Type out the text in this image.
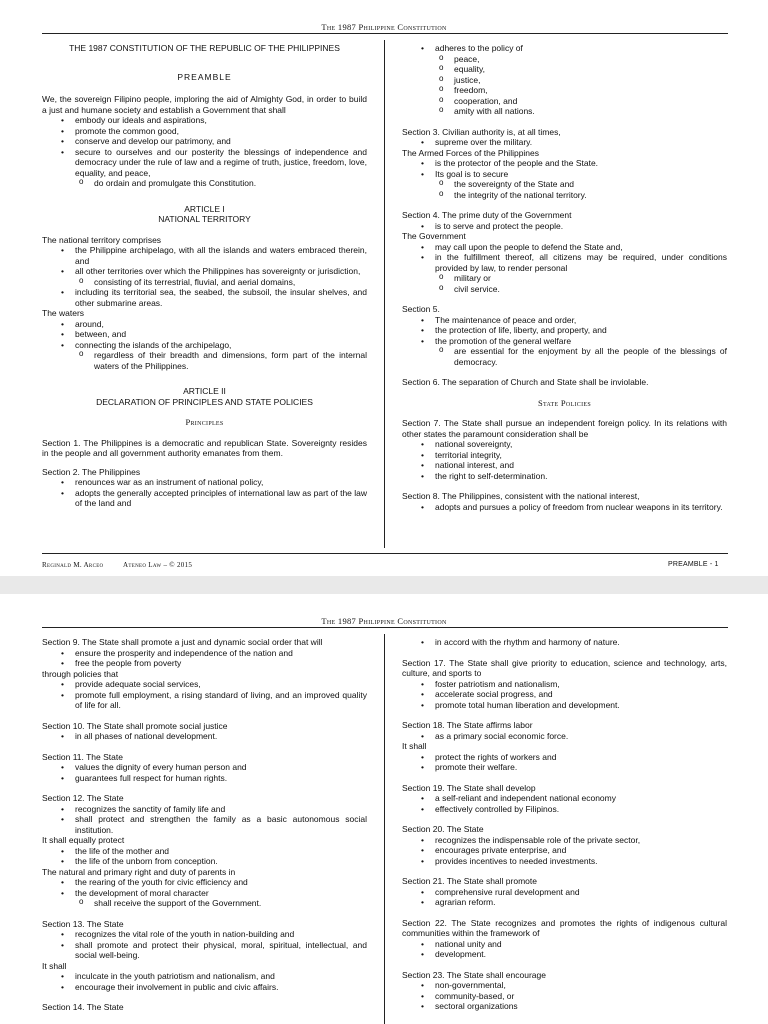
The 1987 Philippine Constitution
THE 1987 CONSTITUTION OF THE REPUBLIC OF THE PHILIPPINES
PREAMBLE
We, the sovereign Filipino people, imploring the aid of Almighty God, in order to build a just and humane society and establish a Government that shall
• embody our ideals and aspirations,
• promote the common good,
• conserve and develop our patrimony, and
• secure to ourselves and our posterity the blessings of independence and democracy under the rule of law and a regime of truth, justice, freedom, love, equality, and peace,
o do ordain and promulgate this Constitution.
ARTICLE I
NATIONAL TERRITORY
The national territory comprises
• the Philippine archipelago, with all the islands and waters embraced therein, and
• all other territories over which the Philippines has sovereignty or jurisdiction,
o consisting of its terrestrial, fluvial, and aerial domains,
• including its territorial sea, the seabed, the subsoil, the insular shelves, and other submarine areas.
The waters
• around,
• between, and
• connecting the islands of the archipelago,
o regardless of their breadth and dimensions, form part of the internal waters of the Philippines.
ARTICLE II
DECLARATION OF PRINCIPLES AND STATE POLICIES
Principles
Section 1. The Philippines is a democratic and republican State. Sovereignty resides in the people and all government authority emanates from them.
Section 2. The Philippines
• renounces war as an instrument of national policy,
• adopts the generally accepted principles of international law as part of the law of the land and
• adheres to the policy of
o peace,
o equality,
o justice,
o freedom,
o cooperation, and
o amity with all nations.
Section 3. Civilian authority is, at all times,
• supreme over the military.
The Armed Forces of the Philippines
• is the protector of the people and the State.
• Its goal is to secure
o the sovereignty of the State and
o the integrity of the national territory.
Section 4. The prime duty of the Government
• is to serve and protect the people.
The Government
• may call upon the people to defend the State and,
• in the fulfillment thereof, all citizens may be required, under conditions provided by law, to render personal
o military or
o civil service.
Section 5.
• The maintenance of peace and order,
• the protection of life, liberty, and property, and
• the promotion of the general welfare
o are essential for the enjoyment by all the people of the blessings of democracy.
Section 6. The separation of Church and State shall be inviolable.
State Policies
Section 7. The State shall pursue an independent foreign policy. In its relations with other states the paramount consideration shall be
• national sovereignty,
• territorial integrity,
• national interest, and
• the right to self-determination.
Section 8. The Philippines, consistent with the national interest,
• adopts and pursues a policy of freedom from nuclear weapons in its territory.
Reginald M. Arceo	Ateneo Law – © 2015	PREAMBLE - 1
The 1987 Philippine Constitution
Section 9. The State shall promote a just and dynamic social order that will
• ensure the prosperity and independence of the nation and
• free the people from poverty
through policies that
• provide adequate social services,
• promote full employment, a rising standard of living, and an improved quality of life for all.
Section 10. The State shall promote social justice
• in all phases of national development.
Section 11. The State
• values the dignity of every human person and
• guarantees full respect for human rights.
Section 12. The State
• recognizes the sanctity of family life and
• shall protect and strengthen the family as a basic autonomous social institution.
It shall equally protect
• the life of the mother and
• the life of the unborn from conception.
The natural and primary right and duty of parents in
• the rearing of the youth for civic efficiency and
• the development of moral character
o shall receive the support of the Government.
Section 13. The State
• recognizes the vital role of the youth in nation-building and
• shall promote and protect their physical, moral, spiritual, intellectual, and social well-being.
It shall
• inculcate in the youth patriotism and nationalism, and
• encourage their involvement in public and civic affairs.
Section 14. The State
• in accord with the rhythm and harmony of nature.
Section 17. The State shall give priority to education, science and technology, arts, culture, and sports to
• foster patriotism and nationalism,
• accelerate social progress, and
• promote total human liberation and development.
Section 18. The State affirms labor
• as a primary social economic force.
It shall
• protect the rights of workers and
• promote their welfare.
Section 19. The State shall develop
• a self-reliant and independent national economy
• effectively controlled by Filipinos.
Section 20. The State
• recognizes the indispensable role of the private sector,
• encourages private enterprise, and
• provides incentives to needed investments.
Section 21. The State shall promote
• comprehensive rural development and
• agrarian reform.
Section 22. The State recognizes and promotes the rights of indigenous cultural communities within the framework of
• national unity and
• development.
Section 23. The State shall encourage
• non-governmental,
• community-based, or
• sectoral organizations
